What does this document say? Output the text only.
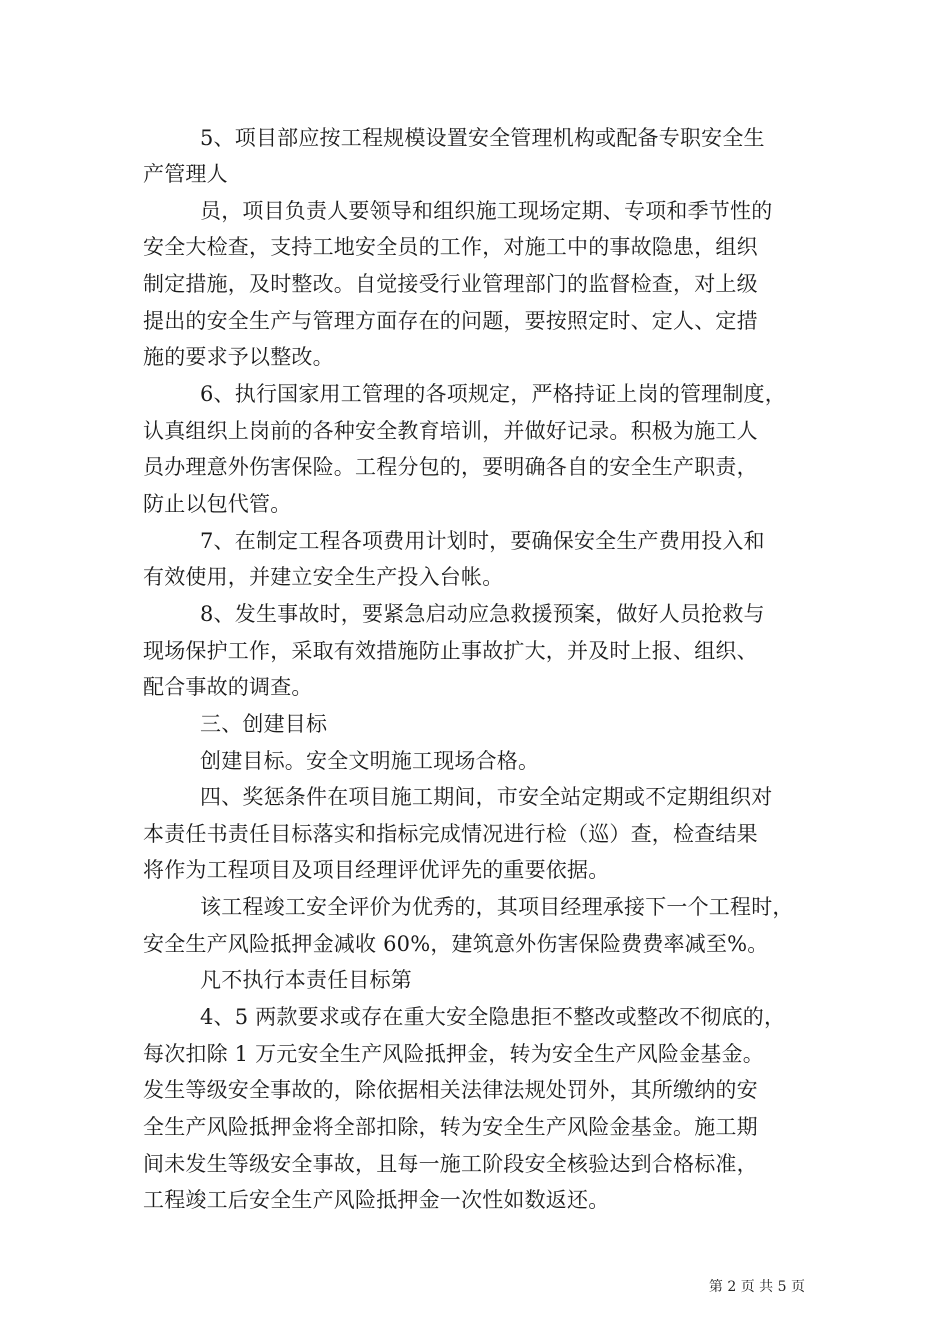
5、项目部应按工程规模设置安全管理机构或配备专职安全生
产管理人
员，项目负责人要领导和组织施工现场定期、专项和季节性的
安全大检查，支持工地安全员的工作，对施工中的事故隐患，组织
制定措施，及时整改。自觉接受行业管理部门的监督检查，对上级
提出的安全生产与管理方面存在的问题，要按照定时、定人、定措
施的要求予以整改。
6、执行国家用工管理的各项规定，严格持证上岗的管理制度，
认真组织上岗前的各种安全教育培训，并做好记录。积极为施工人
员办理意外伤害保险。工程分包的，要明确各自的安全生产职责，
防止以包代管。
7、在制定工程各项费用计划时，要确保安全生产费用投入和
有效使用，并建立安全生产投入台帐。
8、发生事故时，要紧急启动应急救援预案，做好人员抢救与
现场保护工作，采取有效措施防止事故扩大，并及时上报、组织、
配合事故的调查。
三、创建目标
创建目标。安全文明施工现场合格。
四、奖惩条件在项目施工期间，市安全站定期或不定期组织对
本责任书责任目标落实和指标完成情况进行检（巡）查，检查结果
将作为工程项目及项目经理评优评先的重要依据。
该工程竣工安全评价为优秀的，其项目经理承接下一个工程时，
安全生产风险抵押金减收 60%，建筑意外伤害保险费费率减至%。
凡不执行本责任目标第
4、5 两款要求或存在重大安全隐患拒不整改或整改不彻底的，
每次扣除 1 万元安全生产风险抵押金，转为安全生产风险金基金。
发生等级安全事故的，除依据相关法律法规处罚外，其所缴纳的安
全生产风险抵押金将全部扣除，转为安全生产风险金基金。施工期
间未发生等级安全事故，且每一施工阶段安全核验达到合格标准，
工程竣工后安全生产风险抵押金一次性如数返还。
第 2 页 共 5 页
